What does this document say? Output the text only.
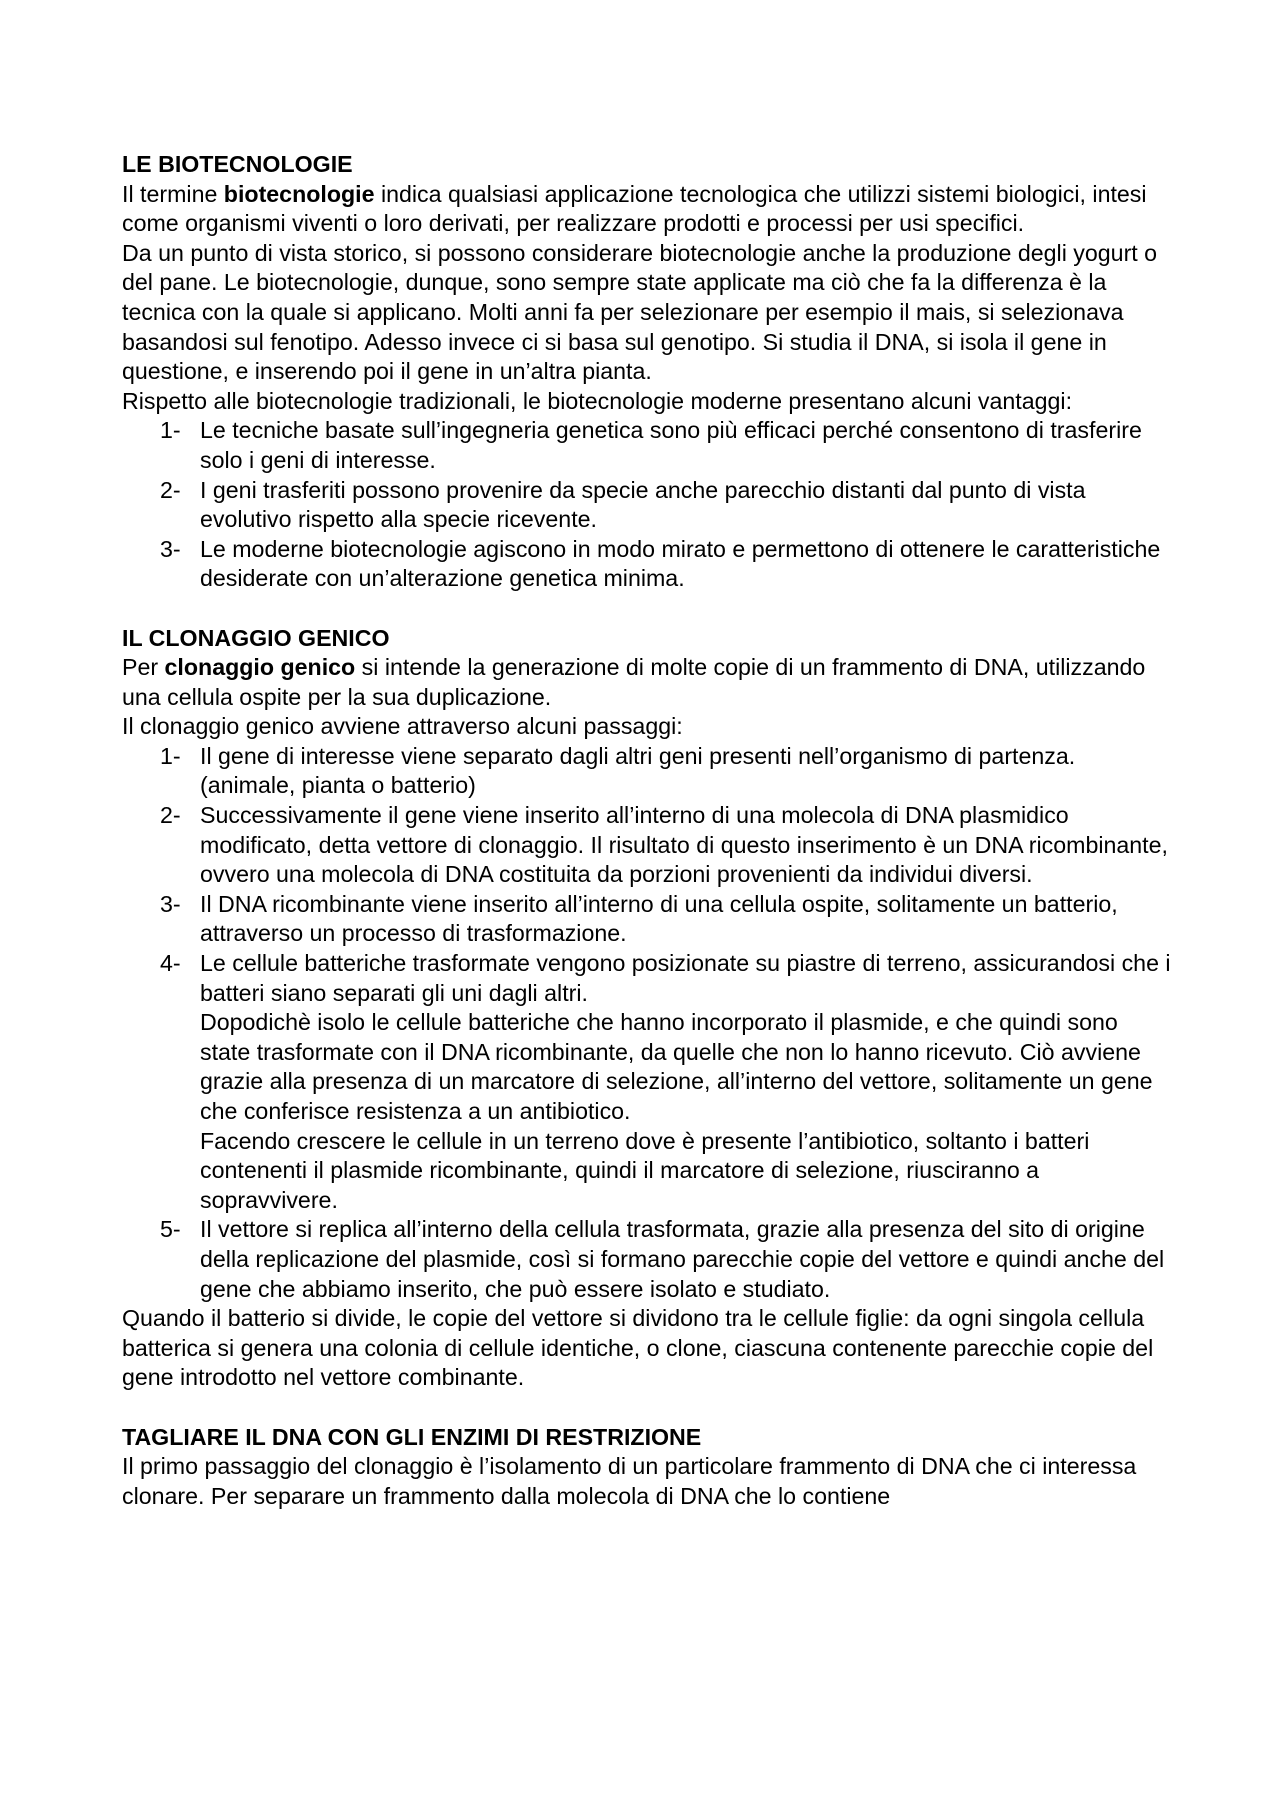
LE BIOTECNOLOGIE

Il termine biotecnologie indica qualsiasi applicazione tecnologica che utilizzi sistemi biologici, intesi come organismi viventi o loro derivati, per realizzare prodotti e processi per usi specifici.

Da un punto di vista storico, si possono considerare biotecnologie anche la produzione degli yogurt o del pane. Le biotecnologie, dunque, sono sempre state applicate ma ciò che fa la differenza è la tecnica con la quale si applicano. Molti anni fa per selezionare per esempio il mais, si selezionava basandosi sul fenotipo. Adesso invece ci si basa sul genotipo. Si studia il DNA, si isola il gene in questione, e inserendo poi il gene in un’altra pianta.

Rispetto alle biotecnologie tradizionali, le biotecnologie moderne presentano alcuni vantaggi:

1- Le tecniche basate sull’ingegneria genetica sono più efficaci perché consentono di trasferire solo i geni di interesse.
2- I geni trasferiti possono provenire da specie anche parecchio distanti dal punto di vista evolutivo rispetto alla specie ricevente.
3- Le moderne biotecnologie agiscono in modo mirato e permettono di ottenere le caratteristiche desiderate con un’alterazione genetica minima.
IL CLONAGGIO GENICO

Per clonaggio genico si intende la generazione di molte copie di un frammento di DNA, utilizzando una cellula ospite per la sua duplicazione.

Il clonaggio genico avviene attraverso alcuni passaggi:

1- Il gene di interesse viene separato dagli altri geni presenti nell’organismo di partenza. (animale, pianta o batterio)
2- Successivamente il gene viene inserito all’interno di una molecola di DNA plasmidico modificato, detta vettore di clonaggio. Il risultato di questo inserimento è un DNA ricombinante, ovvero una molecola di DNA costituita da porzioni provenienti da individui diversi.
3- Il DNA ricombinante viene inserito all’interno di una cellula ospite, solitamente un batterio, attraverso un processo di trasformazione.
4- Le cellule batteriche trasformate vengono posizionate su piastre di terreno, assicurandosi che i batteri siano separati gli uni dagli altri.
Dopodichè isolo le cellule batteriche che hanno incorporato il plasmide, e che quindi sono state trasformate con il DNA ricombinante, da quelle che non lo hanno ricevuto. Ciò avviene grazie alla presenza di un marcatore di selezione, all’interno del vettore, solitamente un gene che conferisce resistenza a un antibiotico.
Facendo crescere le cellule in un terreno dove è presente l’antibiotico, soltanto i batteri contenenti il plasmide ricombinante, quindi il marcatore di selezione, riusciranno a sopravvivere.
5- Il vettore si replica all’interno della cellula trasformata, grazie alla presenza del sito di origine della replicazione del plasmide, così si formano parecchie copie del vettore e quindi anche del gene che abbiamo inserito, che può essere isolato e studiato.

Quando il batterio si divide, le copie del vettore si dividono tra le cellule figlie: da ogni singola cellula batterica si genera una colonia di cellule identiche, o clone, ciascuna contenente parecchie copie del gene introdotto nel vettore combinante.

TAGLIARE IL DNA CON GLI ENZIMI DI RESTRIZIONE

Il primo passaggio del clonaggio è l’isolamento di un particolare frammento di DNA che ci interessa clonare. Per separare un frammento dalla molecola di DNA che lo contiene
